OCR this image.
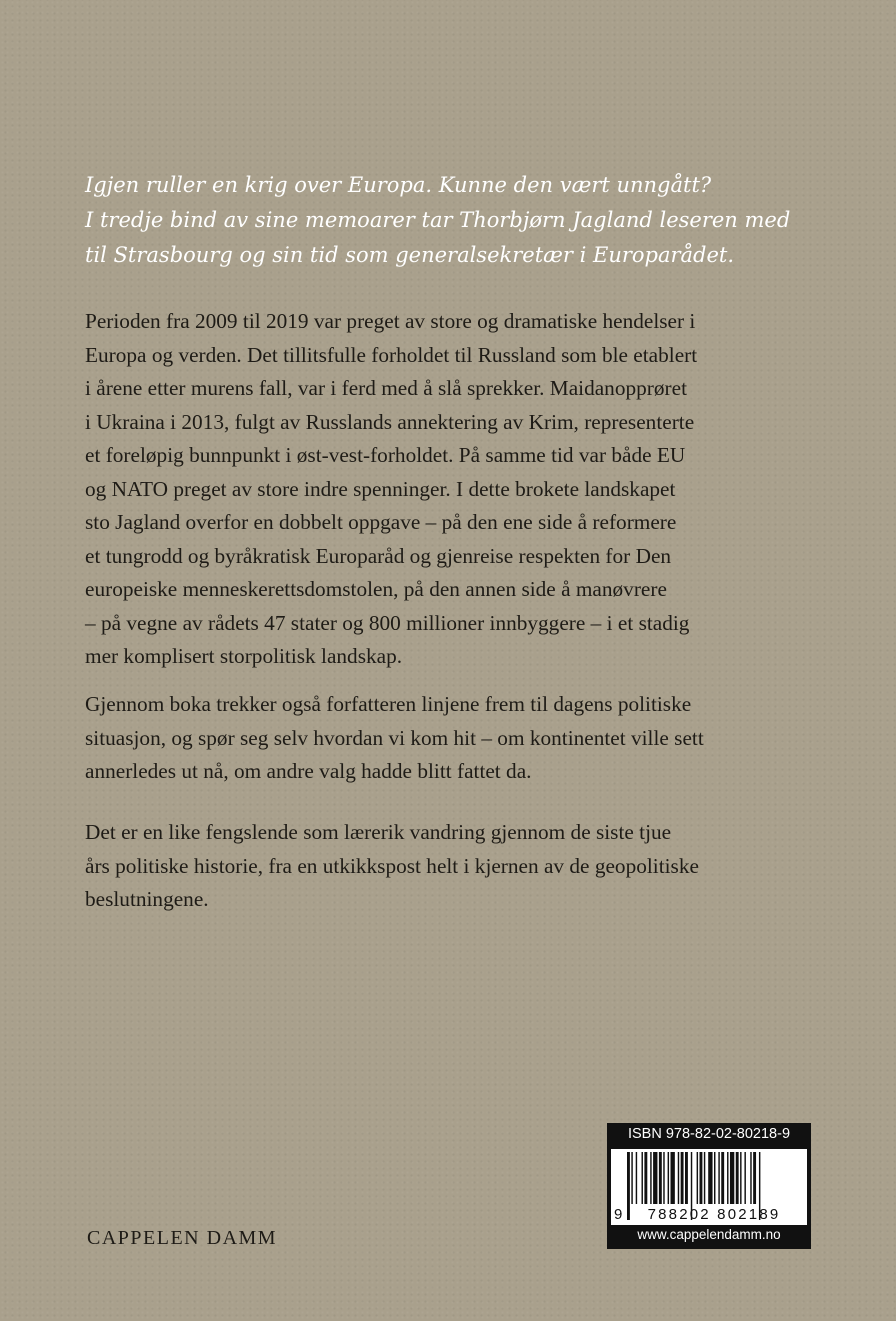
Igjen ruller en krig over Europa. Kunne den vært unngått?
I tredje bind av sine memoarer tar Thorbjørn Jagland leseren med
til Strasbourg og sin tid som generalsekretær i Europarådet.

Perioden fra 2009 til 2019 var preget av store og dramatiske hendelser i
Europa og verden. Det tillitsfulle forholdet til Russland som ble etablert
i årene etter murens fall, var i ferd med å slå sprekker. Maidanopprøret
i Ukraina i 2013, fulgt av Russlands annektering av Krim, representerte
et foreløpig bunnpunkt i øst-vest-forholdet. På samme tid var både EU
og NATO preget av store indre spenninger. I dette brokete landskapet
sto Jagland overfor en dobbelt oppgave – på den ene side å reformere
et tungrodd og byråkratisk Europaråd og gjenreise respekten for Den
europeiske menneskerettsdomstolen, på den annen side å manøvrere
– på vegne av rådets 47 stater og 800 millioner innbyggere – i et stadig
mer komplisert storpolitisk landskap.

Gjennom boka trekker også forfatteren linjene frem til dagens politiske
situasjon, og spør seg selv hvordan vi kom hit – om kontinentet ville sett
annerledes ut nå, om andre valg hadde blitt fattet da.

Det er en like fengslende som lærerik vandring gjennom de siste tjue
års politiske historie, fra en utkikkspost helt i kjernen av de geopolitiske
beslutningene.

CAPPELEN DAMM
ISBN 978-82-02-80218-9
9	788202 802189
www.cappelendamm.no
